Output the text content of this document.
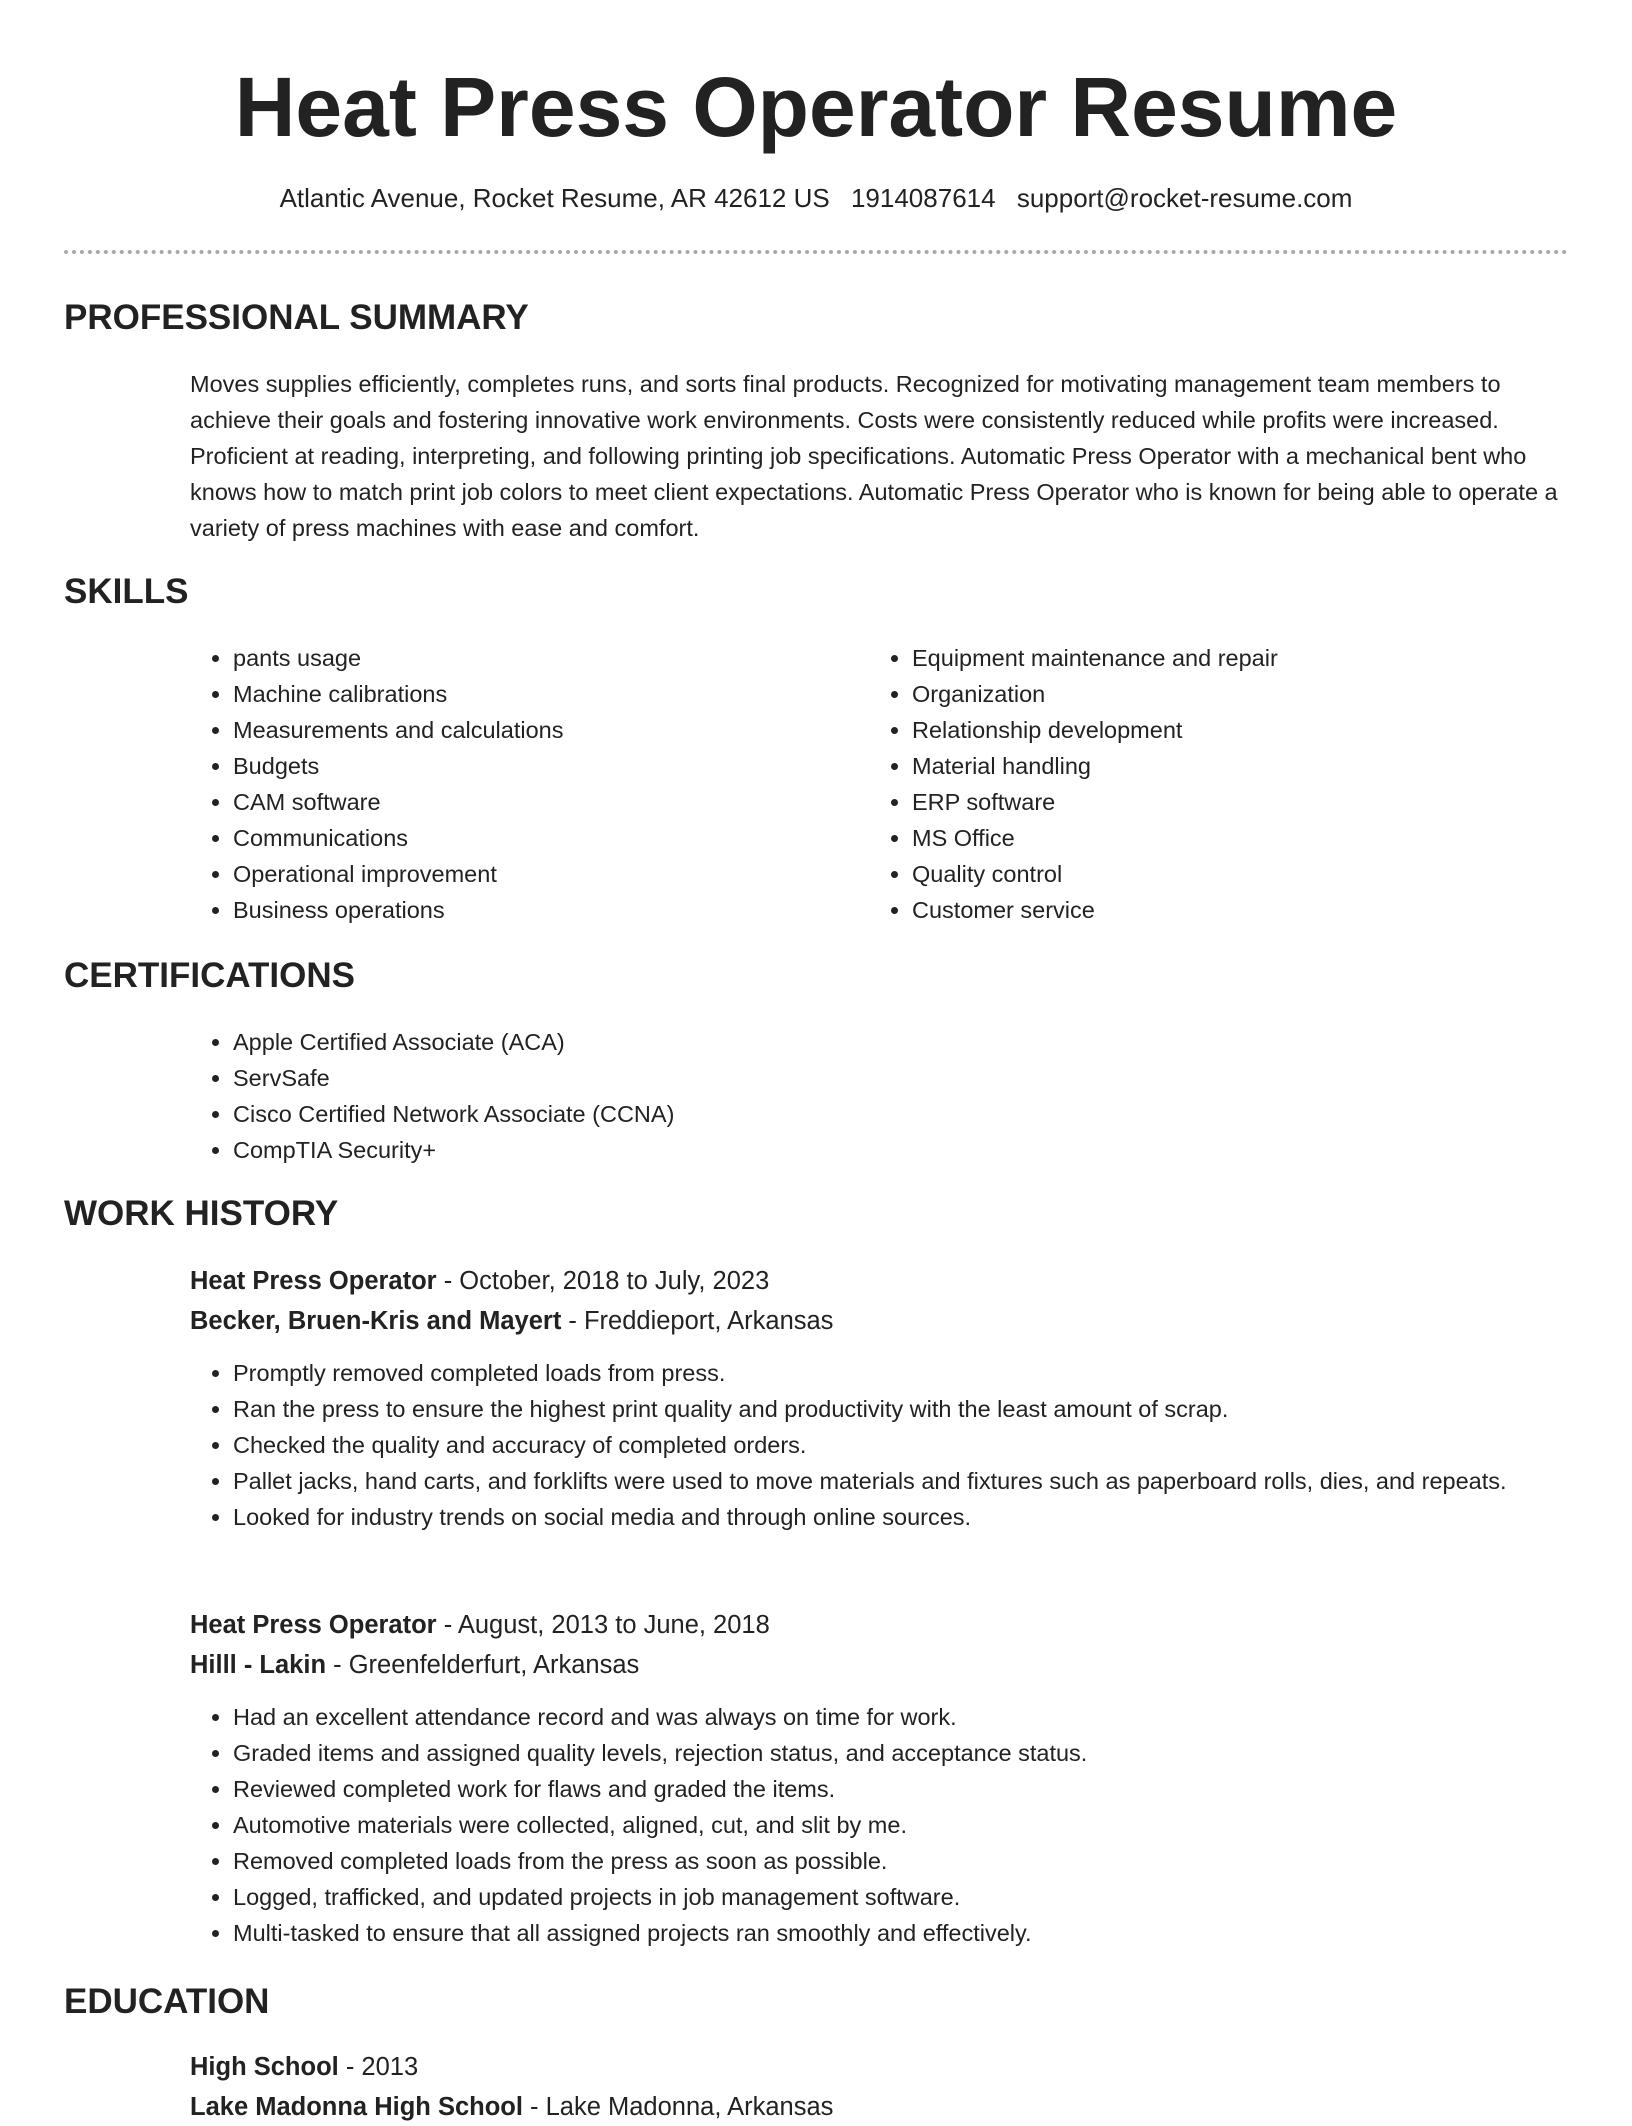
Heat Press Operator Resume
Atlantic Avenue, Rocket Resume, AR 42612 US 1914087614 support@rocket-resume.com
PROFESSIONAL SUMMARY

Moves supplies efficiently, completes runs, and sorts final products. Recognized for motivating management team members to achieve their goals and fostering innovative work environments. Costs were consistently reduced while profits were increased. Proficient at reading, interpreting, and following printing job specifications. Automatic Press Operator with a mechanical bent who knows how to match print job colors to meet client expectations. Automatic Press Operator who is known for being able to operate a variety of press machines with ease and comfort.

SKILLS
• pants usage
• Machine calibrations
• Measurements and calculations
• Budgets
• CAM software
• Communications
• Operational improvement
• Business operations
• Equipment maintenance and repair
• Organization
• Relationship development
• Material handling
• ERP software
• MS Office
• Quality control
• Customer service
CERTIFICATIONS
• Apple Certified Associate (ACA)
• ServSafe
• Cisco Certified Network Associate (CCNA)
• CompTIA Security+
WORK HISTORY
Heat Press Operator - October, 2018 to July, 2023
Becker, Bruen-Kris and Mayert - Freddieport, Arkansas
• Promptly removed completed loads from press.
• Ran the press to ensure the highest print quality and productivity with the least amount of scrap.
• Checked the quality and accuracy of completed orders.
• Pallet jacks, hand carts, and forklifts were used to move materials and fixtures such as paperboard rolls, dies, and repeats.
• Looked for industry trends on social media and through online sources.
Heat Press Operator - August, 2013 to June, 2018
Hilll - Lakin - Greenfelderfurt, Arkansas
• Had an excellent attendance record and was always on time for work.
• Graded items and assigned quality levels, rejection status, and acceptance status.
• Reviewed completed work for flaws and graded the items.
• Automotive materials were collected, aligned, cut, and slit by me.
• Removed completed loads from the press as soon as possible.
• Logged, trafficked, and updated projects in job management software.
• Multi-tasked to ensure that all assigned projects ran smoothly and effectively.
EDUCATION
High School - 2013
Lake Madonna High School - Lake Madonna, Arkansas
